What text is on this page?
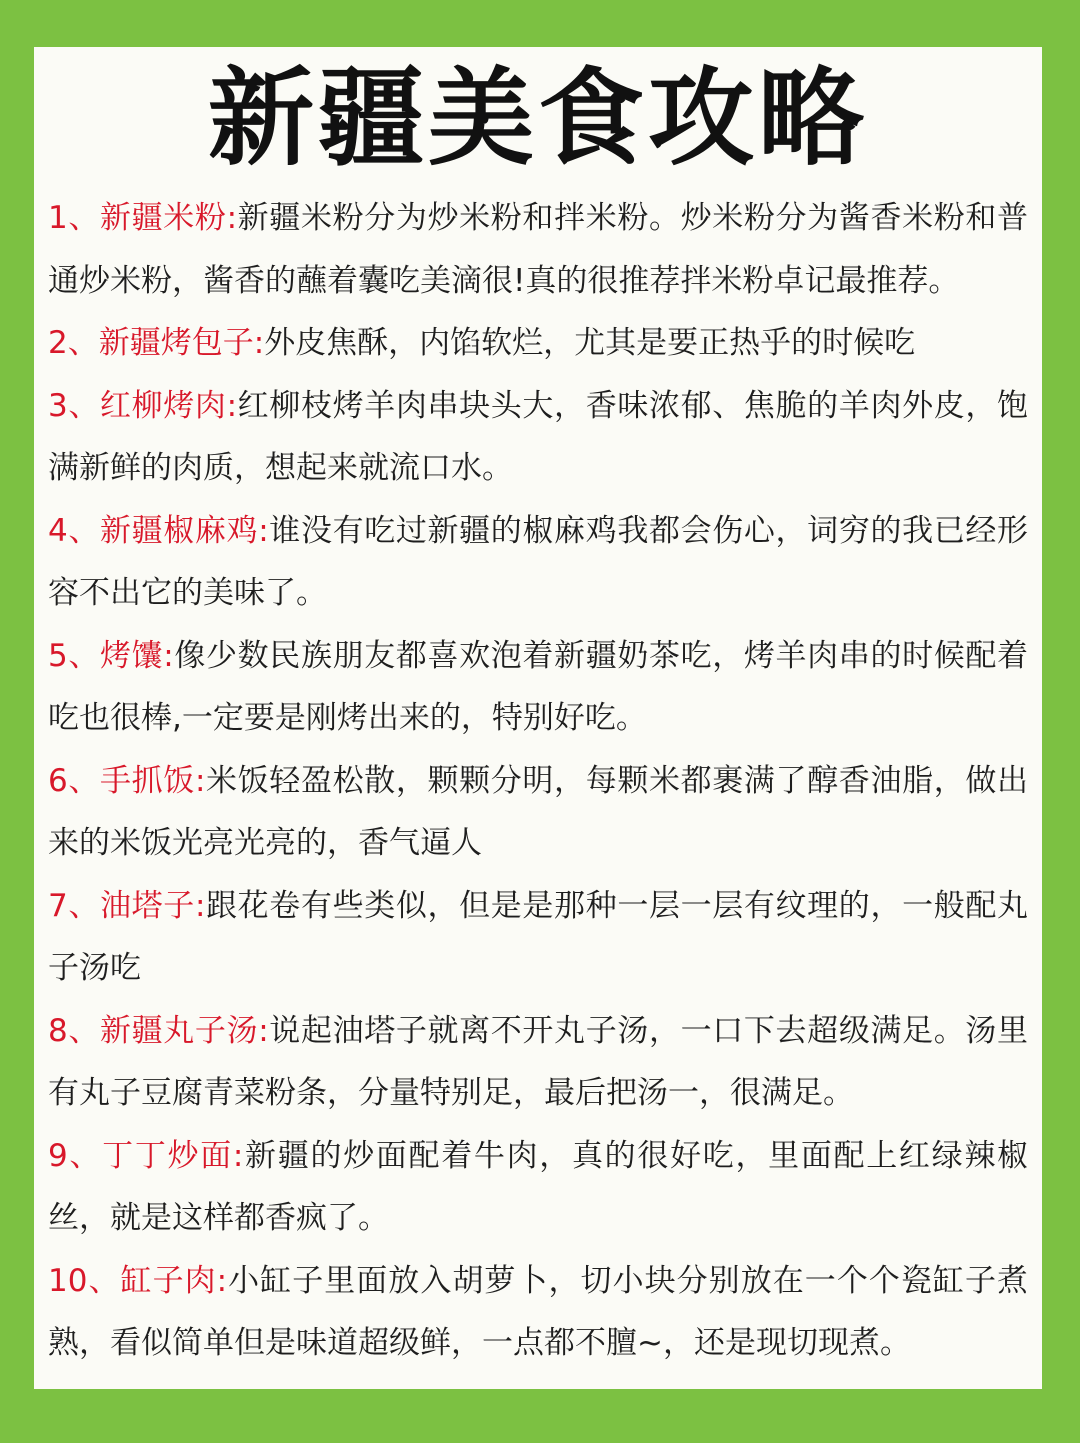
新疆美食攻略
1、新疆米粉:新疆米粉分为炒米粉和拌米粉。炒米粉分为酱香米粉和普通炒米粉，酱香的蘸着囊吃美滴很!真的很推荐拌米粉卓记最推荐。
2、新疆烤包子:外皮焦酥，内馅软烂，尤其是要正热乎的时候吃
3、红柳烤肉:红柳枝烤羊肉串块头大，香味浓郁、焦脆的羊肉外皮，饱满新鲜的肉质，想起来就流口水。
4、新疆椒麻鸡:谁没有吃过新疆的椒麻鸡我都会伤心，词穷的我已经形容不出它的美味了。
5、烤馕:像少数民族朋友都喜欢泡着新疆奶茶吃，烤羊肉串的时候配着吃也很棒,一定要是刚烤出来的，特别好吃。
6、手抓饭:米饭轻盈松散，颗颗分明，每颗米都裹满了醇香油脂，做出来的米饭光亮光亮的，香气逼人
7、油塔子:跟花卷有些类似，但是是那种一层一层有纹理的，一般配丸子汤吃
8、新疆丸子汤:说起油塔子就离不开丸子汤，一口下去超级满足。汤里有丸子豆腐青菜粉条，分量特别足，最后把汤一，很满足。
9、丁丁炒面:新疆的炒面配着牛肉，真的很好吃，里面配上红绿辣椒丝，就是这样都香疯了。
10、缸子肉:小缸子里面放入胡萝卜，切小块分别放在一个个瓷缸子煮熟，看似简单但是味道超级鲜，一点都不膻~，还是现切现煮。
